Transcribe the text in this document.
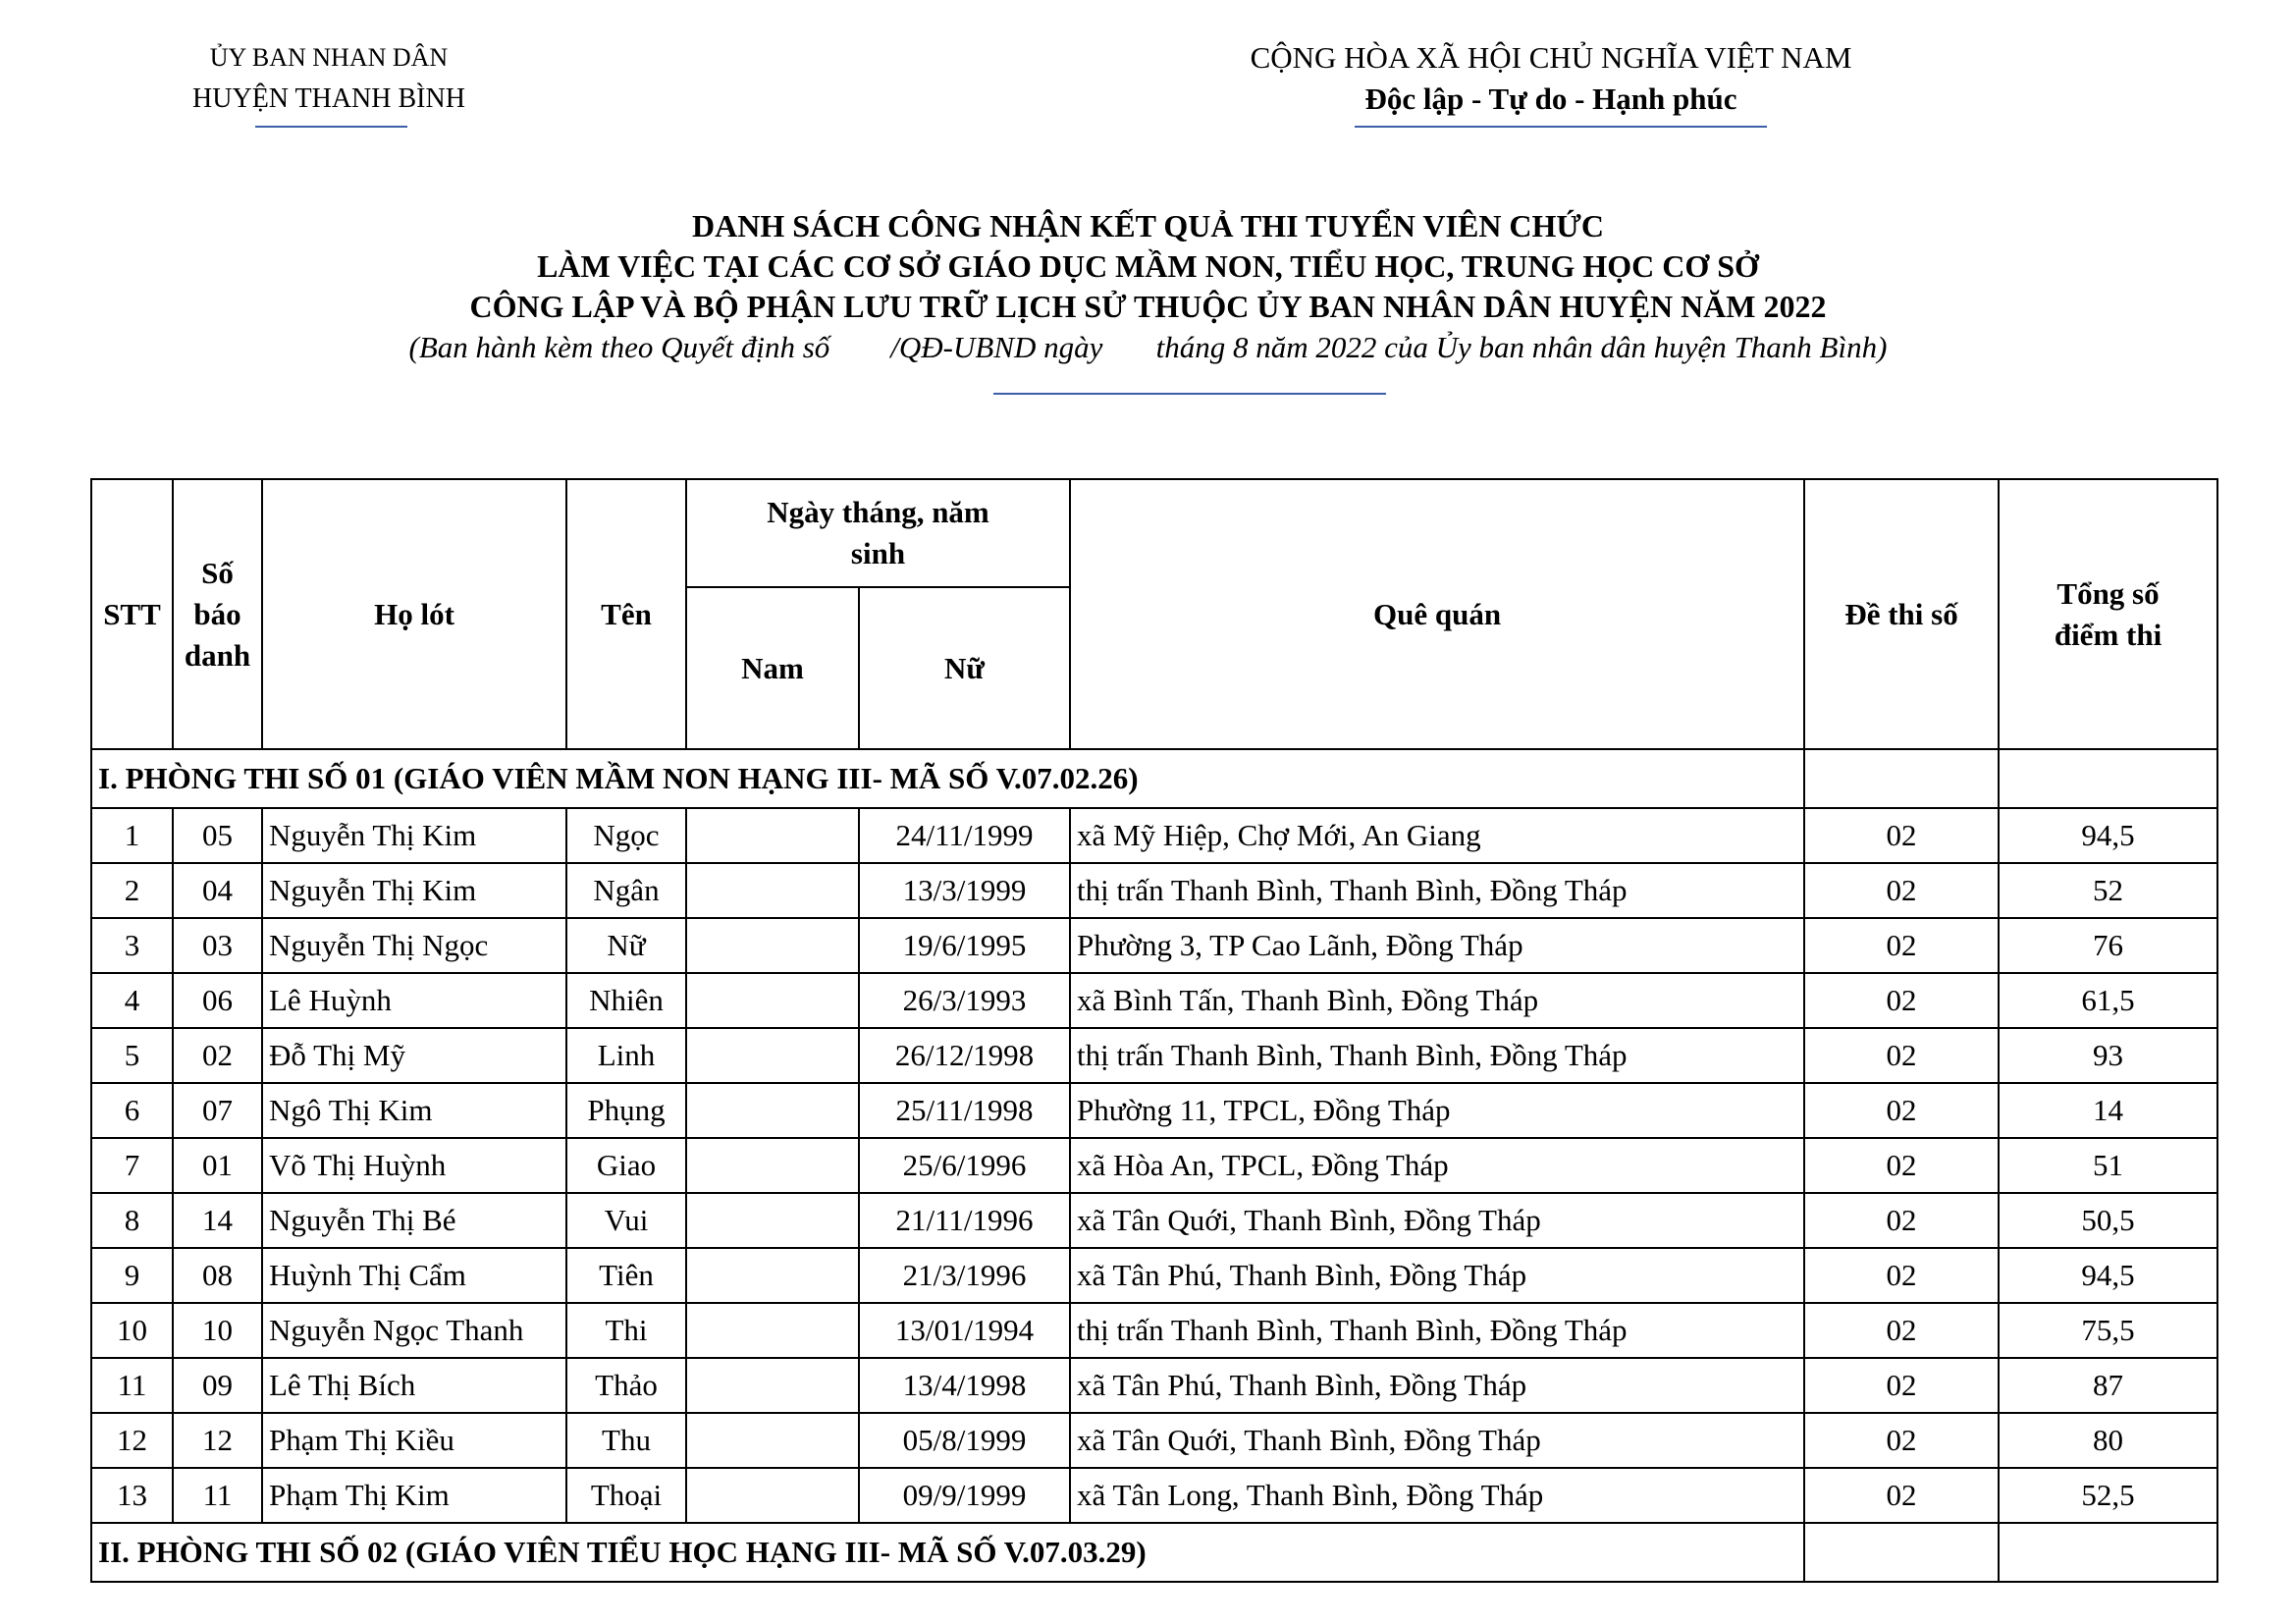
ỦY BAN NHAN DÂN
HUYỆN THANH BÌNH
CỘNG HÒA XÃ HỘI CHỦ NGHĨA VIỆT NAM
Độc lập - Tự do - Hạnh phúc
DANH SÁCH CÔNG NHẬN KẾT QUẢ THI TUYỂN VIÊN CHỨC
LÀM VIỆC TẠI CÁC CƠ SỞ GIÁO DỤC MẦM NON, TIỂU HỌC, TRUNG HỌC CƠ SỞ
CÔNG LẬP VÀ BỘ PHẬN LƯU TRỮ LỊCH SỬ THUỘC ỦY BAN NHÂN DÂN HUYỆN NĂM 2022
(Ban hành kèm theo Quyết định số        /QĐ-UBND ngày       tháng 8 năm 2022 của Ủy ban nhân dân huyện Thanh Bình)
STT	Số báo danh	Họ lót	Tên	Ngày tháng, năm sinh		Quê quán	Đề thi số	Tổng số điểm thi
				Nam	Nữ			
I. PHÒNG THI SỐ 01 (GIÁO VIÊN MẦM NON HẠNG III- MÃ SỐ V.07.02.26)								
1	05	Nguyễn Thị Kim	Ngọc		24/11/1999	xã Mỹ Hiệp, Chợ Mới, An Giang	02	94,5
2	04	Nguyễn Thị Kim	Ngân		13/3/1999	thị trấn Thanh Bình, Thanh Bình, Đồng Tháp	02	52
3	03	Nguyễn Thị Ngọc	Nữ		19/6/1995	Phường 3, TP Cao Lãnh, Đồng Tháp	02	76
4	06	Lê Huỳnh	Nhiên		26/3/1993	xã Bình Tấn, Thanh Bình, Đồng Tháp	02	61,5
5	02	Đỗ Thị Mỹ	Linh		26/12/1998	thị trấn Thanh Bình, Thanh Bình, Đồng Tháp	02	93
6	07	Ngô Thị Kim	Phụng		25/11/1998	Phường 11, TPCL, Đồng Tháp	02	14
7	01	Võ Thị Huỳnh	Giao		25/6/1996	xã Hòa An, TPCL, Đồng Tháp	02	51
8	14	Nguyễn Thị Bé	Vui		21/11/1996	xã Tân Quới, Thanh Bình, Đồng Tháp	02	50,5
9	08	Huỳnh Thị Cẩm	Tiên		21/3/1996	xã Tân Phú, Thanh Bình, Đồng Tháp	02	94,5
10	10	Nguyễn Ngọc Thanh	Thi		13/01/1994	thị trấn Thanh Bình, Thanh Bình, Đồng Tháp	02	75,5
11	09	Lê Thị Bích	Thảo		13/4/1998	xã Tân Phú, Thanh Bình, Đồng Tháp	02	87
12	12	Phạm Thị Kiều	Thu		05/8/1999	xã Tân Quới, Thanh Bình, Đồng Tháp	02	80
13	11	Phạm Thị Kim	Thoại		09/9/1999	xã Tân Long, Thanh Bình, Đồng Tháp	02	52,5
II. PHÒNG THI SỐ 02 (GIÁO VIÊN TIỂU HỌC HẠNG III- MÃ SỐ V.07.03.29)								
